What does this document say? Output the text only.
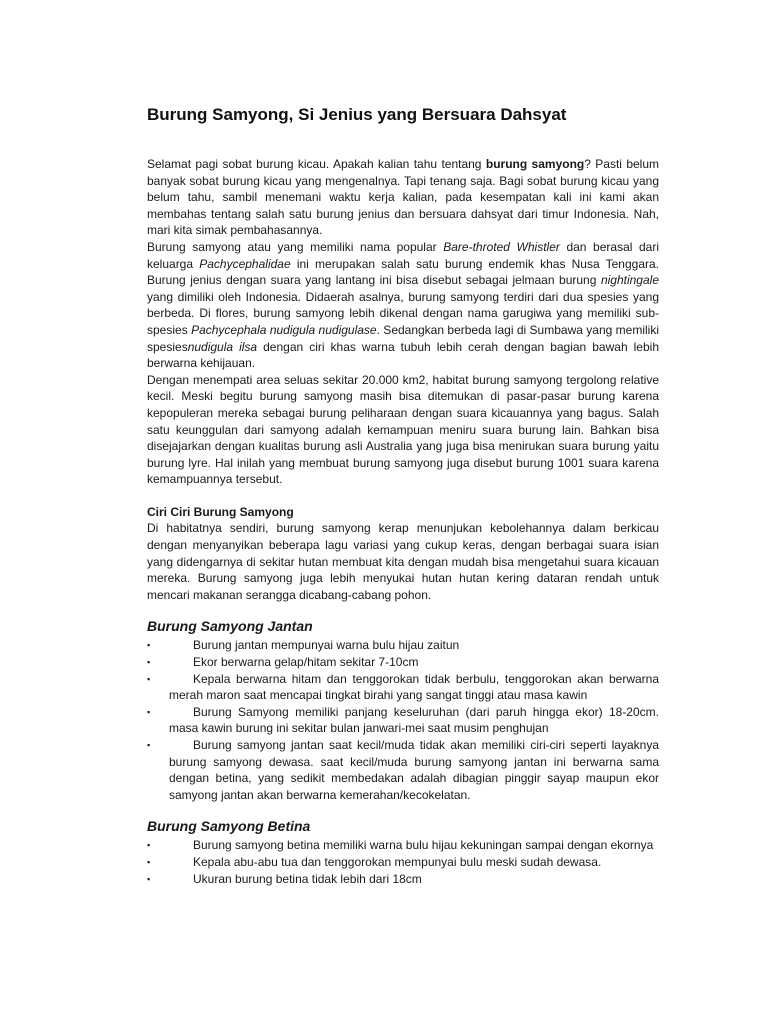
Burung Samyong, Si Jenius yang Bersuara Dahsyat

Selamat pagi sobat burung kicau. Apakah kalian tahu tentang burung samyong? Pasti belum banyak sobat burung kicau yang mengenalnya. Tapi tenang saja. Bagi sobat burung kicau yang belum tahu, sambil menemani waktu kerja kalian, pada kesempatan kali ini kami akan membahas tentang salah satu burung jenius dan bersuara dahsyat dari timur Indonesia. Nah, mari kita simak pembahasannya.

Burung samyong atau yang memiliki nama popular Bare-throted Whistler dan berasal dari keluarga Pachycephalidae ini merupakan salah satu burung endemik khas Nusa Tenggara. Burung jenius dengan suara yang lantang ini bisa disebut sebagai jelmaan burung nightingale yang dimiliki oleh Indonesia. Didaerah asalnya, burung samyong terdiri dari dua spesies yang berbeda. Di flores, burung samyong lebih dikenal dengan nama garugiwa yang memiliki sub-spesies Pachycephala nudigula nudigulase. Sedangkan berbeda lagi di Sumbawa yang memiliki spesiesnudigula ilsa dengan ciri khas warna tubuh lebih cerah dengan bagian bawah lebih berwarna kehijauan.

Dengan menempati area seluas sekitar 20.000 km2, habitat burung samyong tergolong relative kecil. Meski begitu burung samyong masih bisa ditemukan di pasar-pasar burung karena kepopuleran mereka sebagai burung peliharaan dengan suara kicauannya yang bagus. Salah satu keunggulan dari samyong adalah kemampuan meniru suara burung lain. Bahkan bisa disejajarkan dengan kualitas burung asli Australia yang juga bisa menirukan suara burung yaitu burung lyre. Hal inilah yang membuat burung samyong juga disebut burung 1001 suara karena kemampuannya tersebut.

Ciri Ciri Burung Samyong

Di habitatnya sendiri, burung samyong kerap menunjukan kebolehannya dalam berkicau dengan menyanyikan beberapa lagu variasi yang cukup keras, dengan berbagai suara isian yang didengarnya di sekitar hutan membuat kita dengan mudah bisa mengetahui suara kicauan mereka. Burung samyong juga lebih menyukai hutan hutan kering dataran rendah untuk mencari makanan serangga dicabang-cabang pohon.

Burung Samyong Jantan
▪	Burung jantan mempunyai warna bulu hijau zaitun
▪	Ekor berwarna gelap/hitam sekitar 7-10cm
▪	Kepala berwarna hitam dan tenggorokan tidak berbulu, tenggorokan akan berwarna merah maron saat mencapai tingkat birahi yang sangat tinggi atau masa kawin
▪	Burung Samyong memiliki panjang keseluruhan (dari paruh hingga ekor) 18-20cm. masa kawin burung ini sekitar bulan janwari-mei saat musim penghujan
▪	Burung samyong jantan saat kecil/muda tidak akan memiliki ciri-ciri seperti layaknya burung samyong dewasa. saat kecil/muda burung samyong jantan ini berwarna sama dengan betina, yang sedikit membedakan adalah dibagian pinggir sayap maupun ekor samyong jantan akan berwarna kemerahan/kecokelatan.
Burung Samyong Betina
▪	Burung samyong betina memiliki warna bulu hijau kekuningan sampai dengan ekornya
▪	Kepala abu-abu tua dan tenggorokan mempunyai bulu meski sudah dewasa.
▪	Ukuran burung betina tidak lebih dari 18cm
